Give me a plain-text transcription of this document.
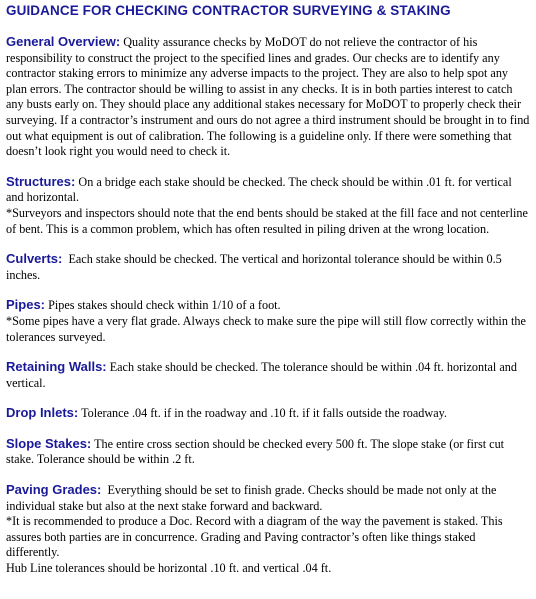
GUIDANCE FOR CHECKING CONTRACTOR SURVEYING & STAKING

General Overview: Quality assurance checks by MoDOT do not relieve the contractor of his responsibility to construct the project to the specified lines and grades. Our checks are to identify any contractor staking errors to minimize any adverse impacts to the project. They are also to help spot any plan errors. The contractor should be willing to assist in any checks. It is in both parties interest to catch any busts early on. They should place any additional stakes necessary for MoDOT to properly check their surveying. If a contractor’s instrument and ours do not agree a third instrument should be brought in to find out what equipment is out of calibration. The following is a guideline only. If there were something that doesn’t look right you would need to check it.

Structures: On a bridge each stake should be checked. The check should be within .01 ft. for vertical and horizontal.

*Surveyors and inspectors should note that the end bents should be staked at the fill face and not centerline of bent. This is a common problem, which has often resulted in piling driven at the wrong location.

Culverts: Each stake should be checked. The vertical and horizontal tolerance should be within 0.5 inches.

Pipes: Pipes stakes should check within 1/10 of a foot.

*Some pipes have a very flat grade. Always check to make sure the pipe will still flow correctly within the tolerances surveyed.

Retaining Walls: Each stake should be checked. The tolerance should be within .04 ft. horizontal and vertical.

Drop Inlets: Tolerance .04 ft. if in the roadway and .10 ft. if it falls outside the roadway.

Slope Stakes: The entire cross section should be checked every 500 ft. The slope stake (or first cut stake. Tolerance should be within .2 ft.

Paving Grades: Everything should be set to finish grade. Checks should be made not only at the individual stake but also at the next stake forward and backward.

*It is recommended to produce a Doc. Record with a diagram of the way the pavement is staked. This assures both parties are in concurrence. Grading and Paving contractor’s often like things staked differently.

Hub Line tolerances should be horizontal .10 ft. and vertical .04 ft.
